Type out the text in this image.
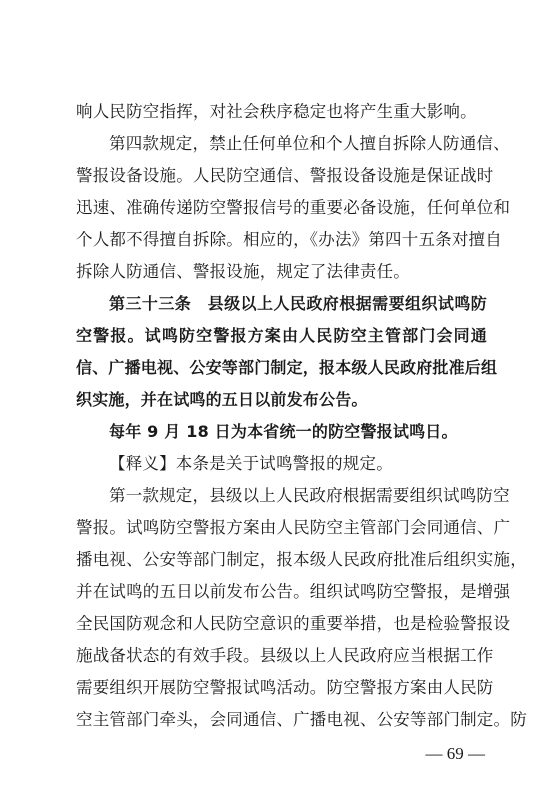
响人民防空指挥，对社会秩序稳定也将产生重大影响。
第四款规定，禁止任何单位和个人擅自拆除人防通信、
警报设备设施。人民防空通信、警报设备设施是保证战时
迅速、准确传递防空警报信号的重要必备设施，任何单位和
个人都不得擅自拆除。相应的，《办法》第四十五条对擅自
拆除人防通信、警报设施，规定了法律责任。
第三十三条　县级以上人民政府根据需要组织试鸣防
空警报。试鸣防空警报方案由人民防空主管部门会同通
信、广播电视、公安等部门制定，报本级人民政府批准后组
织实施，并在试鸣的五日以前发布公告。
每年 9 月 18 日为本省统一的防空警报试鸣日。
【释义】本条是关于试鸣警报的规定。
第一款规定，县级以上人民政府根据需要组织试鸣防空
警报。试鸣防空警报方案由人民防空主管部门会同通信、广
播电视、公安等部门制定，报本级人民政府批准后组织实施，
并在试鸣的五日以前发布公告。组织试鸣防空警报，是增强
全民国防观念和人民防空意识的重要举措，也是检验警报设
施战备状态的有效手段。县级以上人民政府应当根据工作
需要组织开展防空警报试鸣活动。防空警报方案由人民防
空主管部门牵头，会同通信、广播电视、公安等部门制定。防
— 69 —
